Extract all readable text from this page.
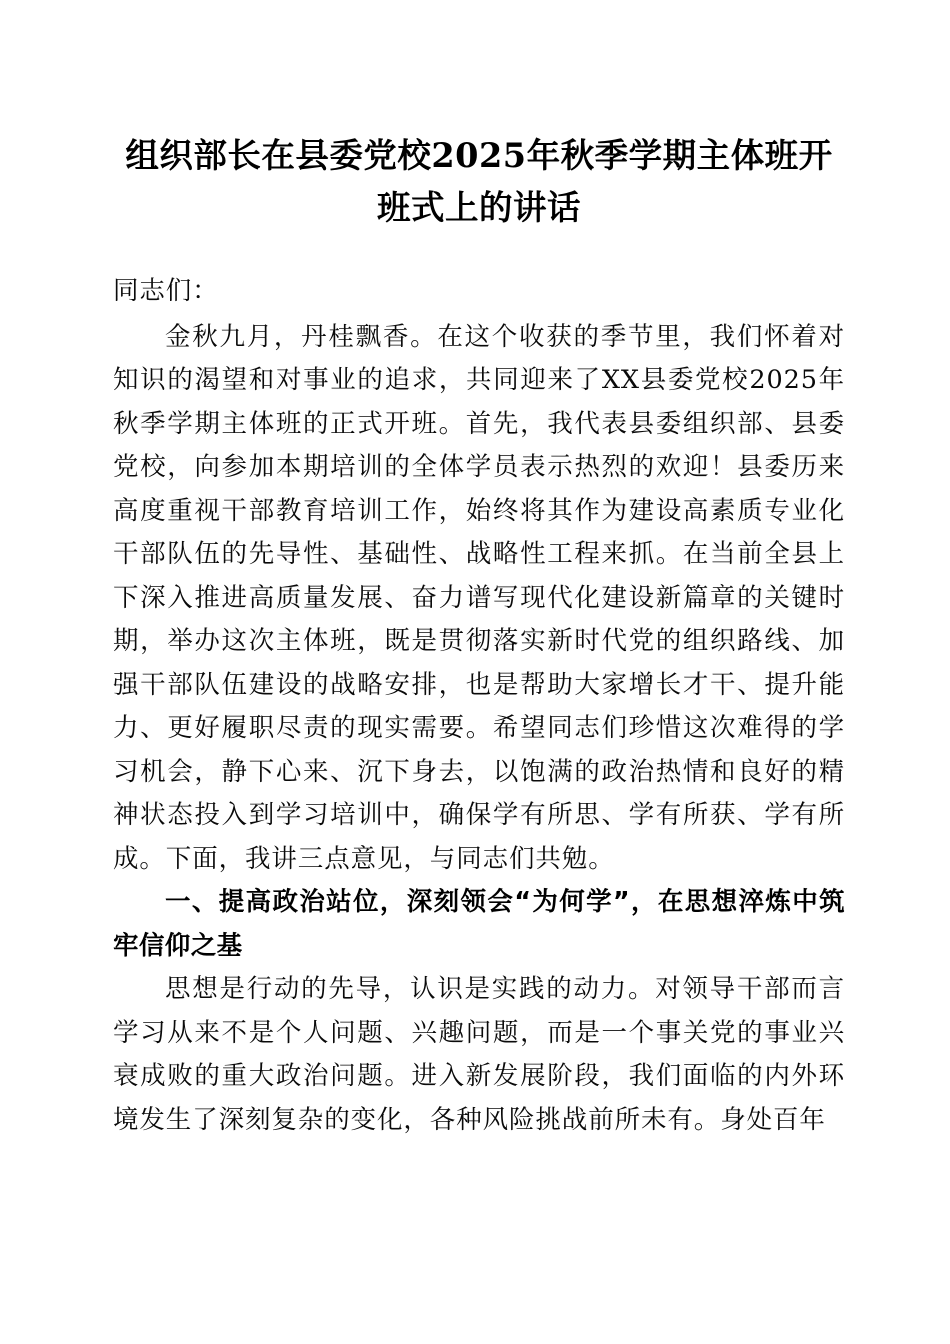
组织部长在县委党校2025年秋季学期主体班开班式上的讲话

同志们：

金秋九月，丹桂飘香。在这个收获的季节里，我们怀着对知识的渴望和对事业的追求，共同迎来了XX县委党校2025年秋季学期主体班的正式开班。首先，我代表县委组织部、县委党校，向参加本期培训的全体学员表示热烈的欢迎！县委历来高度重视干部教育培训工作，始终将其作为建设高素质专业化干部队伍的先导性、基础性、战略性工程来抓。在当前全县上下深入推进高质量发展、奋力谱写现代化建设新篇章的关键时期，举办这次主体班，既是贯彻落实新时代党的组织路线、加强干部队伍建设的战略安排，也是帮助大家增长才干、提升能力、更好履职尽责的现实需要。希望同志们珍惜这次难得的学习机会，静下心来、沉下身去，以饱满的政治热情和良好的精神状态投入到学习培训中，确保学有所思、学有所获、学有所成。下面，我讲三点意见，与同志们共勉。

一、提高政治站位，深刻领会“为何学”，在思想淬炼中筑牢信仰之基

思想是行动的先导，认识是实践的动力。对领导干部而言学习从来不是个人问题、兴趣问题，而是一个事关党的事业兴衰成败的重大政治问题。进入新发展阶段，我们面临的内外环境发生了深刻复杂的变化，各种风险挑战前所未有。身处百年
